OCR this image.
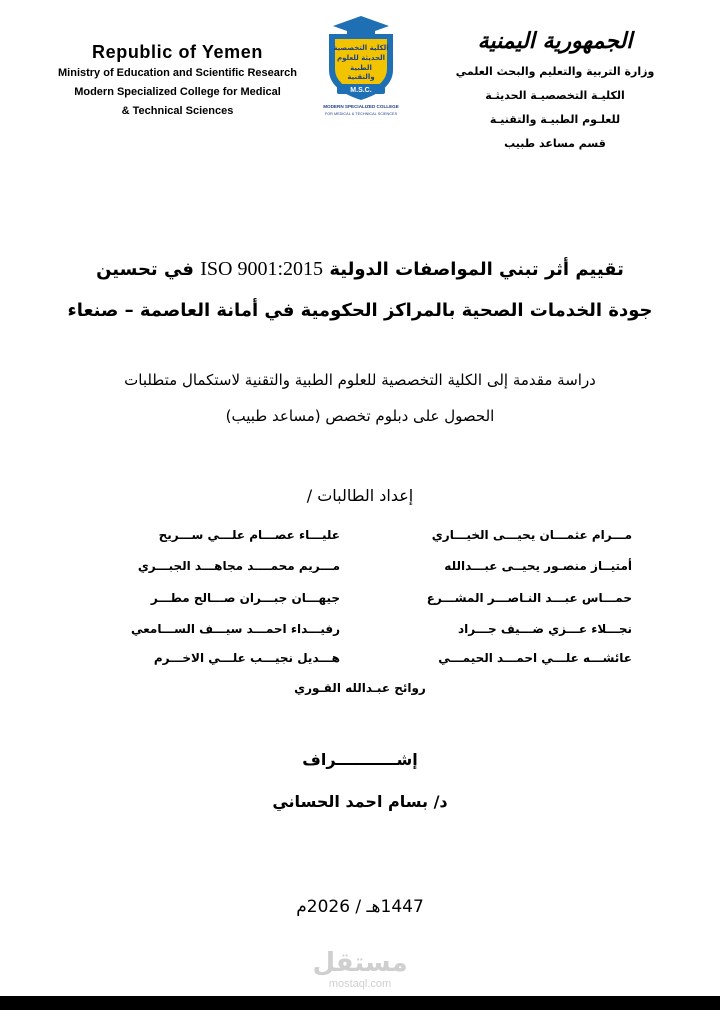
Republic of Yemen
Ministry of Education and Scientific Research
Modern Specialized College for Medical
& Technical Sciences
الكلية التخصصية
الحديثة للعلوم
الطبية
والتقنية
M.S.C.
MODERN SPECIALIZED COLLEGE
FOR MEDICAL & TECHNICAL SCIENCES
الجمهورية اليمنية
وزارة التربية والتعليم والبحث العلمي
الكليـة التخصصيـة الحديثـة
للعلـوم الطبيـة والتقنيـة
قسم مساعد طبيب
تقييم أثر تبني المواصفات الدولية ISO 9001:2015 في تحسين
جودة الخدمات الصحية بالمراكز الحكومية في أمانة العاصمة – صنعاء
دراسة مقدمة إلى الكلية التخصصية للعلوم الطبية والتقنية لاستكمال متطلبات
الحصول على دبلوم تخصص (مساعد طبيب)
إعداد الطالبات /
مـــرام عثمـــان يحيـــى الخيـــاري
أمتيــاز منصـور يحيــى عبـــدالله
حمـــاس عبـــد النـاصـــر المشـــرع
نجـــلاء عـــزي ضـــيف جـــراد
عائشـــه علـــي احمـــد الحيمـــي
عليـــاء عصـــام علـــي ســـريح
مـــريم محمــــد مجاهـــد الجبـــري
جيهـــان جبـــران صـــالح مطـــر
رفيـــداء احمـــد سيـــف الســـامعي
هـــديل نجيـــب علـــي الاخـــرم
روائح عبـدالله القـوري
إشـــــــــــراف
د/ بسام احمد الحساني
1447هـ / 2026م
مستقل
mostaql.com
